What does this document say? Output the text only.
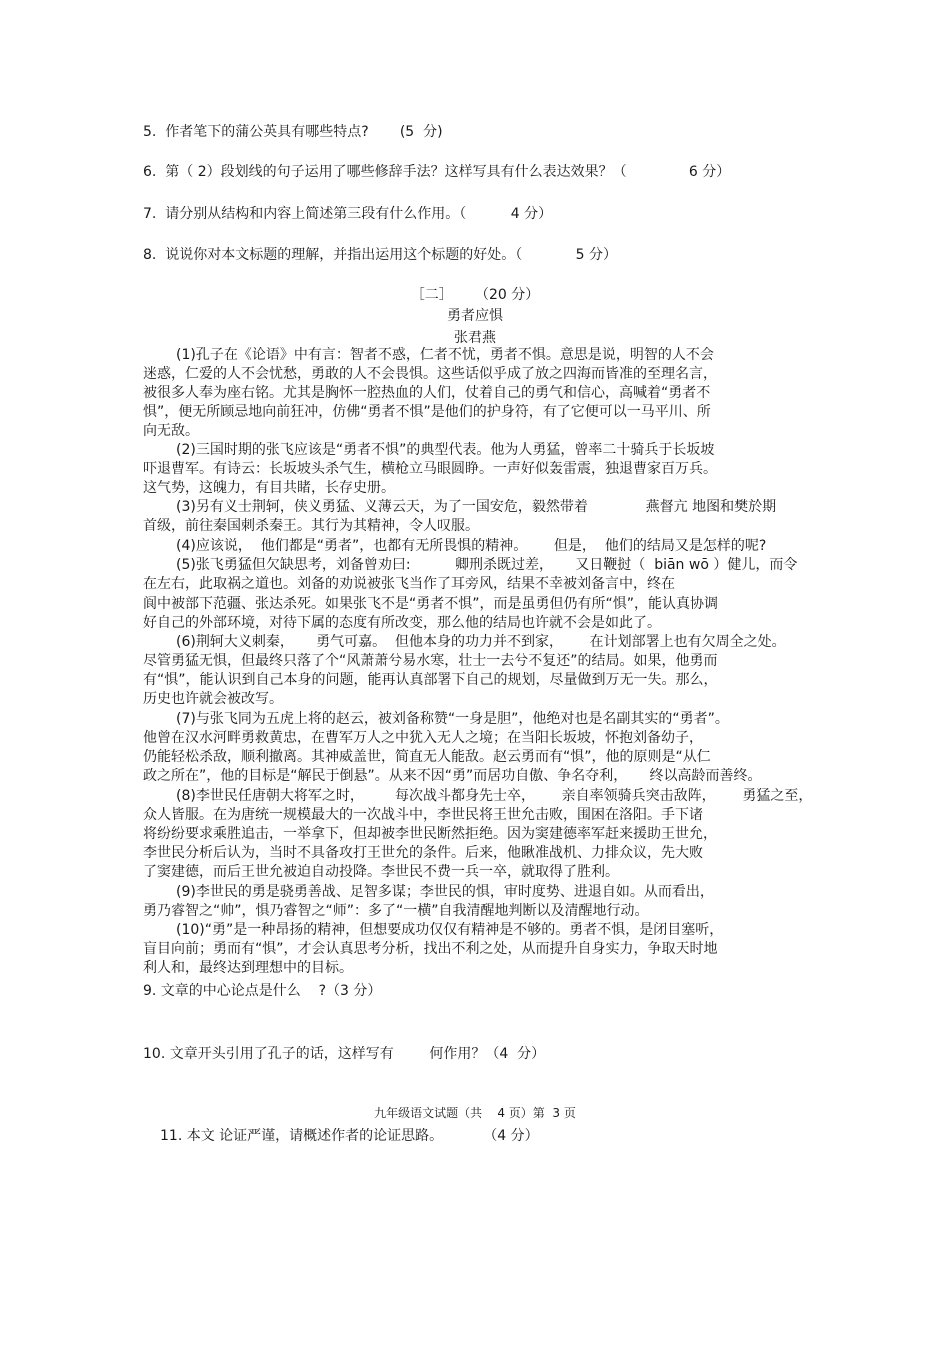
5.  作者笔下的蒲公英具有哪些特点?       (5  分)
6.  第（ 2）段划线的句子运用了哪些修辞手法？这样写具有什么表达效果？（              6 分）
7.  请分别从结构和内容上简述第三段有什么作用。（          4 分）
8.  说说你对本文标题的理解，并指出运用这个标题的好处。（            5 分）
［二］     （20 分）
勇者应惧
张君燕
(1)孔子在《论语》中有言：智者不惑，仁者不忧，勇者不惧。意思是说，明智的人不会
迷惑，仁爱的人不会忧愁，勇敢的人不会畏惧。这些话似乎成了放之四海而皆准的至理名言，
被很多人奉为座右铭。尤其是胸怀一腔热血的人们，仗着自己的勇气和信心，高喊着“勇者不
惧”，便无所顾忌地向前狂冲，仿佛“勇者不惧”是他们的护身符，有了它便可以一马平川、所
向无敌。
(2)三国时期的张飞应该是“勇者不惧”的典型代表。他为人勇猛，曾率二十骑兵于长坂坡
吓退曹军。有诗云：长坂坡头杀气生，横枪立马眼圆睁。一声好似轰雷震，独退曹家百万兵。
这气势，这魄力，有目共睹，长存史册。
(3)另有义士荆轲，侠义勇猛、义薄云天，为了一国安危，毅然带着             燕督亢 地图和樊於期
首级，前往秦国刺杀秦王。其行为其精神，令人叹服。
(4)应该说，  他们都是“勇者”，也都有无所畏惧的精神。      但是，  他们的结局又是怎样的呢?
(5)张飞勇猛但欠缺思考，刘备曾劝曰:          卿刑杀既过差，     又日鞭挝（  biān wō ）健儿，而令
在左右，此取祸之道也。刘备的劝说被张飞当作了耳旁风，结果不幸被刘备言中，终在
阆中被部下范疆、张达杀死。如果张飞不是“勇者不惧”，而是虽勇但仍有所“惧”，能认真协调
好自己的外部环境，对待下属的态度有所改变，那么他的结局也许就不会是如此了。
(6)荆轲大义刺秦，     勇气可嘉。  但他本身的功力并不到家，      在计划部署上也有欠周全之处。
尽管勇猛无惧，但最终只落了个“风萧萧兮易水寒，壮士一去兮不复还”的结局。如果，他勇而
有“惧”，能认识到自己本身的问题，能再认真部署下自己的规划，尽量做到万无一失。那么，
历史也许就会被改写。
(7)与张飞同为五虎上将的赵云，被刘备称赞“一身是胆”，他绝对也是名副其实的“勇者”。
他曾在汉水河畔勇救黄忠，在曹军万人之中犹入无人之境；在当阳长坂坡，怀抱刘备幼子，
仍能轻松杀敌，顺利撤离。其神威盖世，简直无人能敌。赵云勇而有“惧”，他的原则是“从仁
政之所在”，他的目标是“解民于倒悬”。从来不因“勇”而居功自傲、争名夺利，     终以高龄而善终。
(8)李世民任唐朝大将军之时，       每次战斗都身先士卒，      亲自率领骑兵突击敌阵，      勇猛之至，
众人皆服。在为唐统一规模最大的一次战斗中，李世民将王世允击败，围困在洛阳。手下诸
将纷纷要求乘胜追击，一举拿下，但却被李世民断然拒绝。因为窦建德率军赶来援助王世允，
李世民分析后认为，当时不具备攻打王世允的条件。后来，他瞅准战机、力排众议，先大败
了窦建德，而后王世允被迫自动投降。李世民不费一兵一卒，就取得了胜利。
(9)李世民的勇是骁勇善战、足智多谋；李世民的惧，审时度势、进退自如。从而看出，
勇乃睿智之“帅”，惧乃睿智之“师”：多了“一横”自我清醒地判断以及清醒地行动。
(10)“勇”是一种昂扬的精神，但想要成功仅仅有精神是不够的。勇者不惧，是闭目塞听，
盲目向前；勇而有“惧”，才会认真思考分析，找出不利之处，从而提升自身实力，争取天时地
利人和，最终达到理想中的目标。
9. 文章的中心论点是什么    ?（3 分）
10. 文章开头引用了孔子的话，这样写有        何作用？（4  分）
九年级语文试题（共    4 页）第  3 页
11. 本文 论证严谨，请概述作者的论证思路。         （4 分）
